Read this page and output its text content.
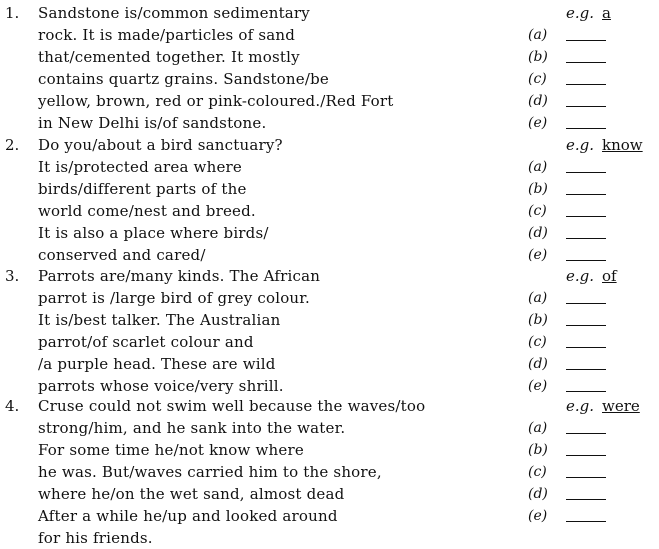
1. Sandstone is/common sedimentary	e.g. a
rock. It is made/particles of sand	(a)
that/cemented together. It mostly	(b)
contains quartz grains. Sandstone/be	(c)
yellow, brown, red or pink-coloured./Red Fort	(d)
in New Delhi is/of sandstone.	(e)
2. Do you/about a bird sanctuary?	e.g. know
It is/protected area where	(a)
birds/different parts of the	(b)
world come/nest and breed.	(c)
It is also a place where birds/	(d)
conserved and cared/	(e)
3. Parrots are/many kinds. The African	e.g. of
parrot is /large bird of grey colour.	(a)
It is/best talker. The Australian	(b)
parrot/of scarlet colour and	(c)
/a purple head. These are wild	(d)
parrots whose voice/very shrill.	(e)
4. Cruse could not swim well because the waves/too	e.g. were
strong/him, and he sank into the water.	(a)
For some time he/not know where	(b)
he was. But/waves carried him to the shore,	(c)
where he/on the wet sand, almost dead	(d)
After a while he/up and looked around	(e)
for his friends.
